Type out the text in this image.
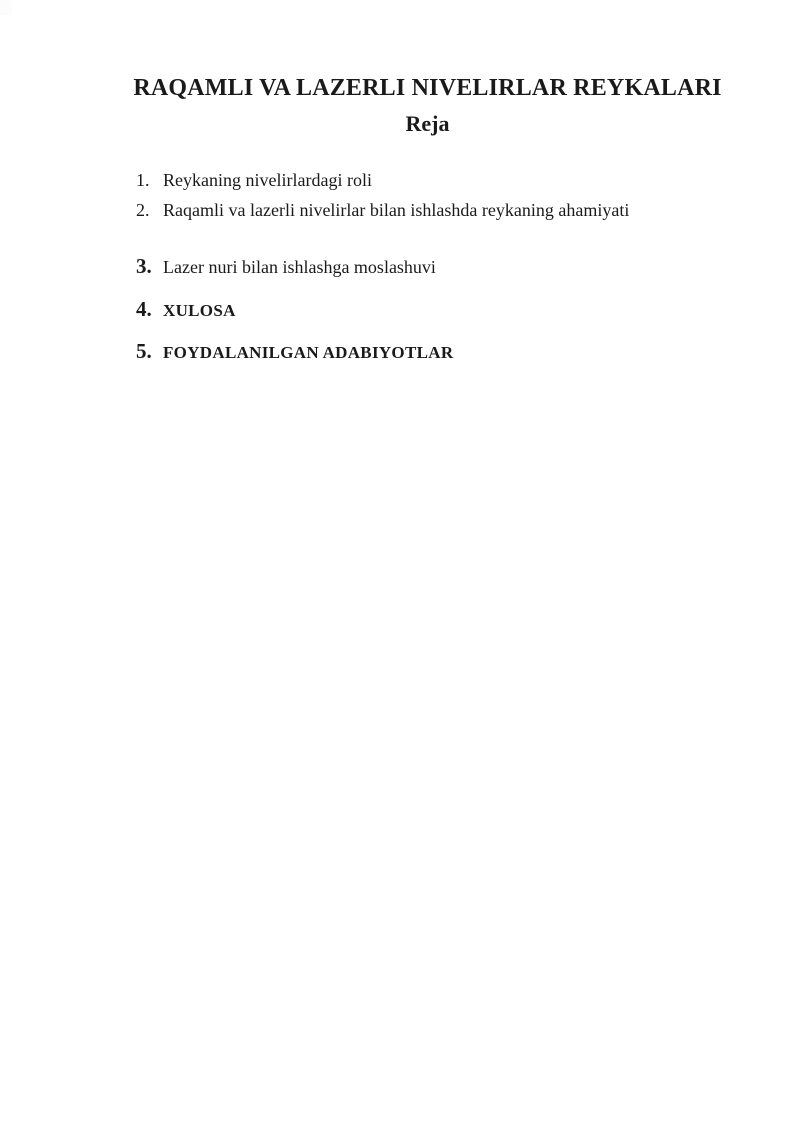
RAQAMLI VA LAZERLI NIVELIRLAR REYKALARI
Reja
1. Reykaning nivelirlardagi roli
2. Raqamli va lazerli nivelirlar bilan ishlashda reykaning ahamiyati
3. Lazer nuri bilan ishlashga moslashuvi
4. XULOSA
5. FOYDALANILGAN ADABIYOTLAR
